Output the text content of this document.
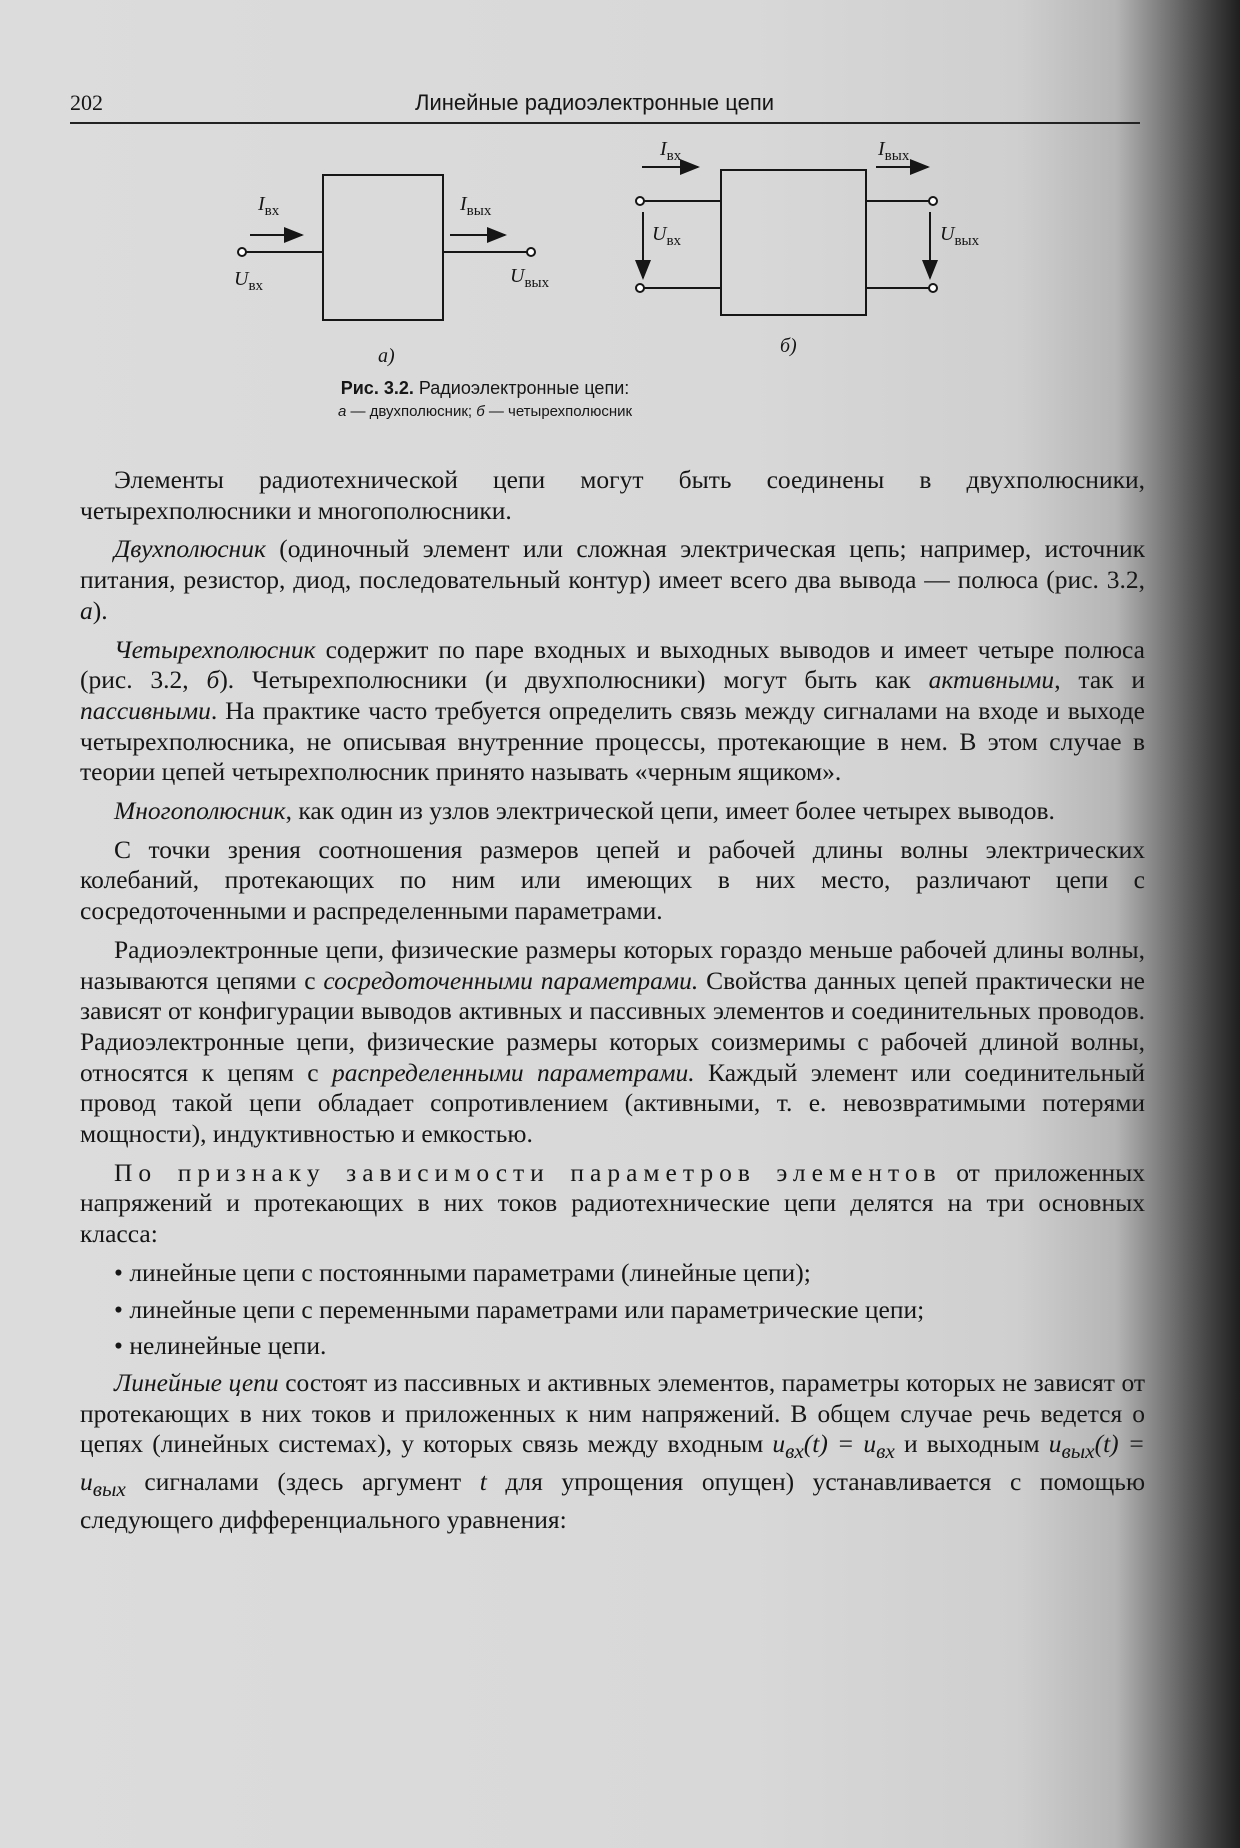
202	Линейные радиоэлектронные цепи
$I_{вх}$	$I_{вых}$
$U_{вх}$	$U_{вых}$
а)
$I_{вх}$	$I_{вых}$
$U_{вх}$	$U_{вых}$
б)
Рис. 3.2. Радиоэлектронные цепи:
а — двухполюсник; б — четырехполюсник

Элементы радиотехнической цепи могут быть соединены в двухполюсники, четырехполюсники и многополюсники.

Двухполюсник (одиночный элемент или сложная электрическая цепь; например, источник питания, резистор, диод, последовательный контур) имеет всего два вывода — полюса (рис. 3.2, а).

Четырехполюсник содержит по паре входных и выходных выводов и имеет четыре полюса (рис. 3.2, б). Четырехполюсники (и двухполюсники) могут быть как активными, так и пассивными. На практике часто требуется определить связь между сигналами на входе и выходе четырехполюсника, не описывая внутренние процессы, протекающие в нем. В этом случае в теории цепей четырехполюсник принято называть «черным ящиком».

Многополюсник, как один из узлов электрической цепи, имеет более четырех выводов.

С точки зрения соотношения размеров цепей и рабочей длины волны электрических колебаний, протекающих по ним или имеющих в них место, различают цепи с сосредоточенными и распределенными параметрами.

Радиоэлектронные цепи, физические размеры которых гораздо меньше рабочей длины волны, называются цепями с сосредоточенными параметрами. Свойства данных цепей практически не зависят от конфигурации выводов активных и пассивных элементов и соединительных проводов. Радиоэлектронные цепи, физические размеры которых соизмеримы с рабочей длиной волны, относятся к цепям с распределенными параметрами. Каждый элемент или соединительный провод такой цепи обладает сопротивлением (активными, т. е. невозвратимыми потерями мощности), индуктивностью и емкостью.

По признаку зависимости параметров элементов от приложенных напряжений и протекающих в них токов радиотехнические цепи делятся на три основных класса:

• линейные цепи с постоянными параметрами (линейные цепи);
• линейные цепи с переменными параметрами или параметрические цепи;
• нелинейные цепи.

Линейные цепи состоят из пассивных и активных элементов, параметры которых не зависят от протекающих в них токов и приложенных к ним напряжений. В общем случае речь ведется о цепях (линейных системах), у которых связь между входным $u_{вх}(t) = u_{вх}$ и выходным $u_{вых}(t) = u_{вых}$ сигналами (здесь аргумент t для упрощения опущен) устанавливается с помощью следующего дифференциального уравнения:
